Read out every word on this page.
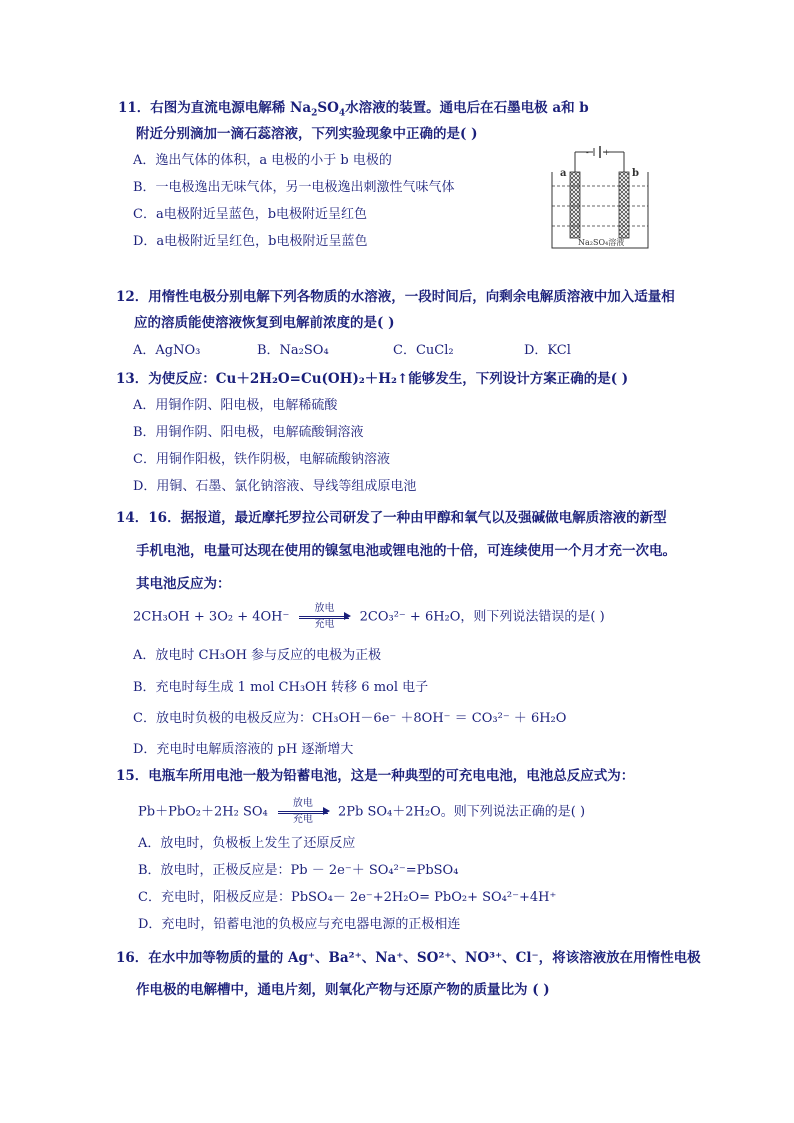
11．右图为直流电源电解稀 $Na_2SO_4$水溶液的装置。通电后在石墨电极 a和 b
附近分别滴加一滴石蕊溶液，下列实验现象中正确的是( )
A．逸出气体的体积，a 电极的小于 b 电极的
B．一电极逸出无味气体，另一电极逸出刺激性气味气体
C．a电极附近呈蓝色，b电极附近呈红色
D．a电极附近呈红色，b电极附近呈蓝色
- +
a	b
Na₂SO₄溶液
12．用惰性电极分别电解下列各物质的水溶液，一段时间后，向剩余电解质溶液中加入适量相
应的溶质能使溶液恢复到电解前浓度的是( )
A．AgNO₃	B．Na₂SO₄	C．CuCl₂	D．KCl
13．为使反应：Cu＋2H₂O=Cu(OH)₂＋H₂↑能够发生，下列设计方案正确的是( )
A．用铜作阴、阳电极，电解稀硫酸
B．用铜作阴、阳电极，电解硫酸铜溶液
C．用铜作阳极，铁作阴极，电解硫酸钠溶液
D．用铜、石墨、氯化钠溶液、导线等组成原电池
14．16．据报道，最近摩托罗拉公司研发了一种由甲醇和氧气以及强碱做电解质溶液的新型
手机电池，电量可达现在使用的镍氢电池或锂电池的十倍，可连续使用一个月才充一次电。
其电池反应为：
2CH₃OH + 3O₂ + 4OH⁻
放电
充电	2CO₃²⁻ + 6H₂O，则下列说法错误的是( )
A．放电时 CH₃OH 参与反应的电极为正极
B．充电时每生成 1 mol CH₃OH 转移 6 mol 电子
C．放电时负极的电极反应为：CH₃OH－6e⁻ ＋8OH⁻ ＝ CO₃²⁻ ＋ 6H₂O
D．充电时电解质溶液的 pH 逐渐增大
15．电瓶车所用电池一般为铅蓄电池，这是一种典型的可充电电池，电池总反应式为：
Pb＋PbO₂＋2H₂ SO₄
放电
充电	2Pb SO₄＋2H₂O。则下列说法正确的是( )
A．放电时，负极板上发生了还原反应
B．放电时，正极反应是：Pb － 2e⁻＋ SO₄²⁻=PbSO₄
C．充电时，阳极反应是：PbSO₄－ 2e⁻+2H₂O= PbO₂+ SO₄²⁻+4H⁺
D．充电时，铅蓄电池的负极应与充电器电源的正极相连
16．在水中加等物质的量的 Ag⁺、Ba²⁺、Na⁺、SO²⁺、NO³⁺、Cl⁻，将该溶液放在用惰性电极
作电极的电解槽中，通电片刻，则氧化产物与还原产物的质量比为 ( )
